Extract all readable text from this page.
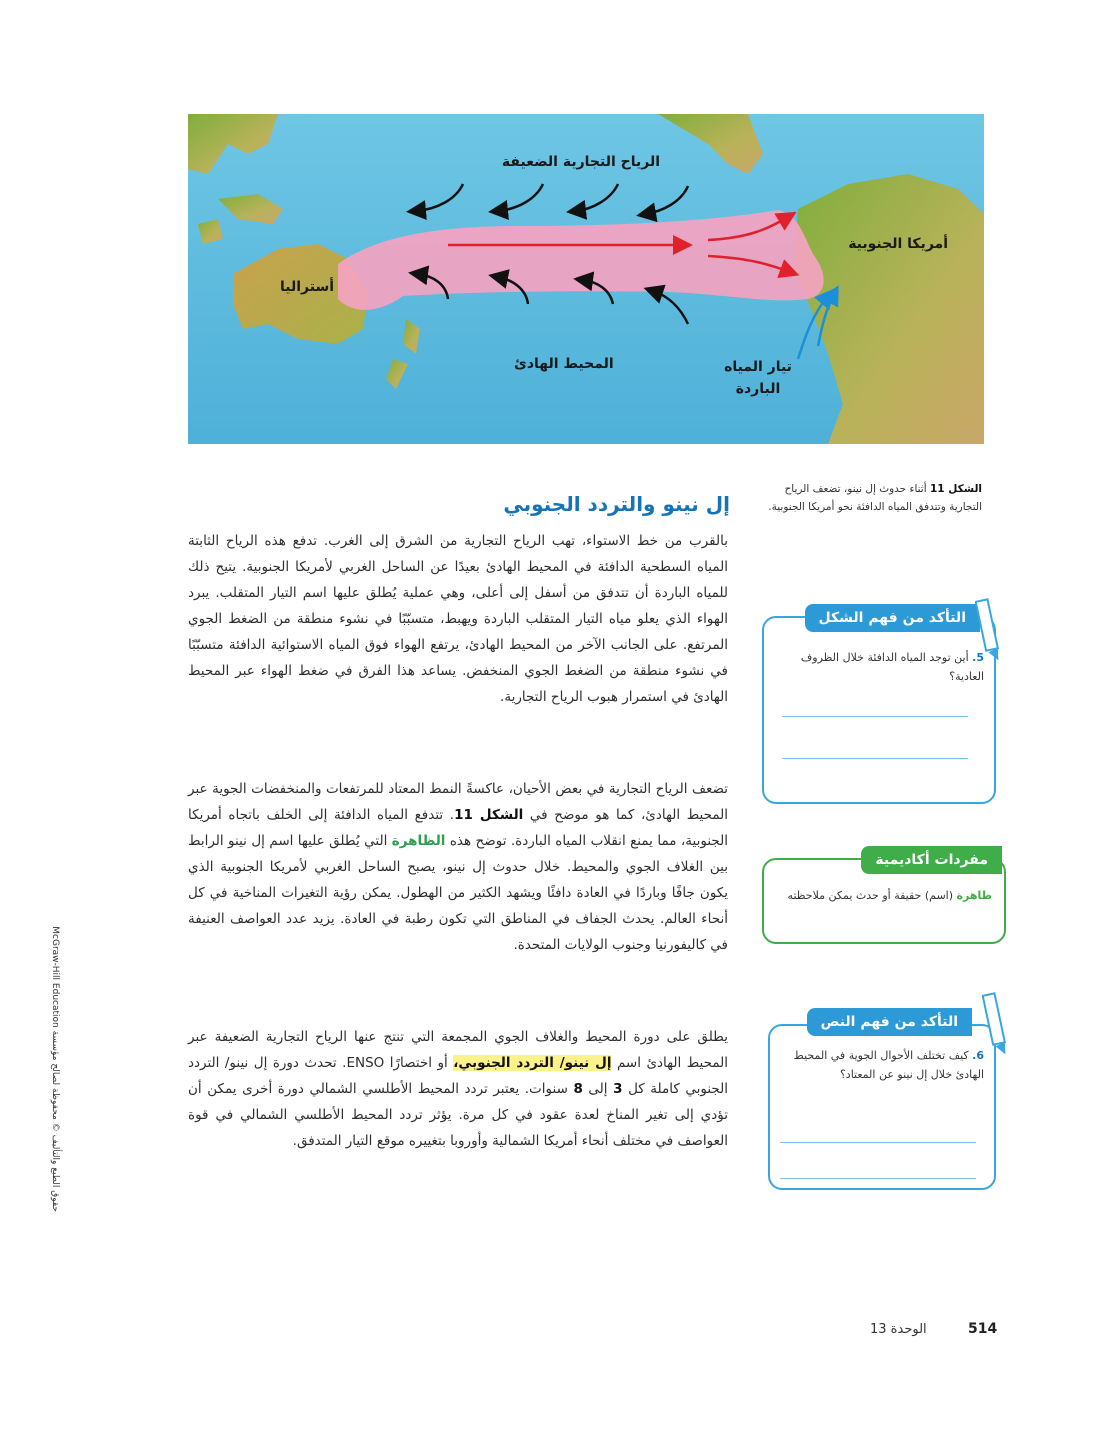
الرياح التجارية الضعيفة
أمريكا الجنوبية
أستراليا
المحيط الهادئ	تيار المياه الباردة
الشكل 11 أثناء حدوث إل نينو، تضعف الرياح التجارية وتتدفق المياه الدافئة نحو أمريكا الجنوبية.
إل نينو والتردد الجنوبي
بالقرب من خط الاستواء، تهب الرياح التجارية من الشرق إلى الغرب. تدفع هذه الرياح الثابتة المياه السطحية الدافئة في المحيط الهادئ بعيدًا عن الساحل الغربي لأمريكا الجنوبية. يتيح ذلك للمياه الباردة أن تتدفق من أسفل إلى أعلى، وهي عملية يُطلق عليها اسم التيار المتقلب. يبرد الهواء الذي يعلو مياه التيار المتقلب الباردة ويهبط، متسبّبًا في نشوء منطقة من الضغط الجوي المرتفع. على الجانب الآخر من المحيط الهادئ، يرتفع الهواء فوق المياه الاستوائية الدافئة متسبّبًا في نشوء منطقة من الضغط الجوي المنخفض. يساعد هذا الفرق في ضغط الهواء عبر المحيط الهادئ في استمرار هبوب الرياح التجارية.
تضعف الرياح التجارية في بعض الأحيان، عاكسةً النمط المعتاد للمرتفعات والمنخفضات الجوية عبر المحيط الهادئ، كما هو موضح في الشكل 11. تتدفع المياه الدافئة إلى الخلف باتجاه أمريكا الجنوبية، مما يمنع انقلاب المياه الباردة. توضح هذه الظاهرة التي يُطلق عليها اسم إل نينو الرابط بين الغلاف الجوي والمحيط. خلال حدوث إل نينو، يصبح الساحل الغربي لأمريكا الجنوبية الذي يكون جافًا وباردًا في العادة دافئًا ويشهد الكثير من الهطول. يمكن رؤية التغيرات المناخية في كل أنحاء العالم. يحدث الجفاف في المناطق التي تكون رطبة في العادة. يزيد عدد العواصف العنيفة في كاليفورنيا وجنوب الولايات المتحدة.
يطلق على دورة المحيط والغلاف الجوي المجمعة التي تنتج عنها الرياح التجارية الضعيفة عبر المحيط الهادئ اسم إل نينو/ التردد الجنوبي، أو اختصارًا ENSO. تحدث دورة إل نينو/ التردد الجنوبي كاملة كل 3 إلى 8 سنوات. يعتبر تردد المحيط الأطلسي الشمالي دورة أخرى يمكن أن تؤدي إلى تغير المناخ لعدة عقود في كل مرة. يؤثر تردد المحيط الأطلسي الشمالي في قوة العواصف في مختلف أنحاء أمريكا الشمالية وأوروبا بتغييره موقع التيار المتدفق.
5. أين توجد المياه الدافئة خلال الظروف العادية؟
التأكد من فهم الشكل
ظاهرة (اسم) حقيقة أو حدث يمكن ملاحظته
مفردات أكاديمية
6. كيف تختلف الأحوال الجوية في المحيط الهادئ خلال إل نينو عن المعتاد؟
التأكد من فهم النص
حقوق الطبع والتأليف © محفوظة لصالح مؤسسة McGraw-Hill Education
514
الوحدة 13
